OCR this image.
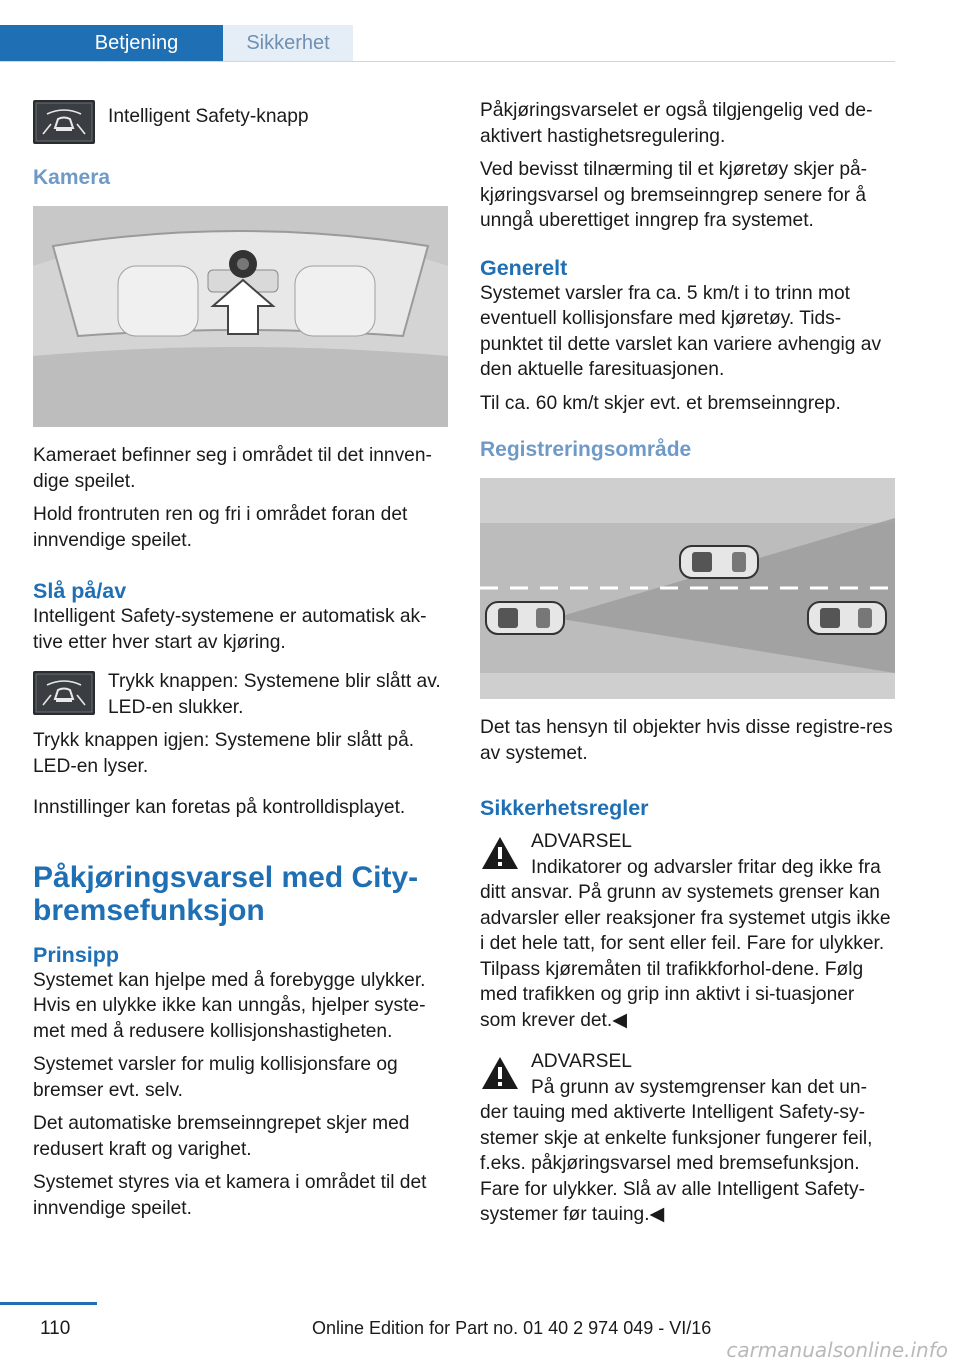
Betjening	Sikkerhet

Intelligent Safety-knapp

Kamera

Kameraet befinner seg i området til det innven-dige speilet.

Hold frontruten ren og fri i området foran det innvendige speilet.

Slå på/av

Intelligent Safety-systemene er automatisk ak-tive etter hver start av kjøring.

Trykk knappen: Systemene blir slått av. LED-en slukker.

Trykk knappen igjen: Systemene blir slått på. LED-en lyser.

Innstillinger kan foretas på kontrolldisplayet.

Påkjøringsvarsel med City-bremsefunksjon
Prinsipp

Systemet kan hjelpe med å forebygge ulykker. Hvis en ulykke ikke kan unngås, hjelper syste-met med å redusere kollisjonshastigheten.

Systemet varsler for mulig kollisjonsfare og bremser evt. selv.

Det automatiske bremseinngrepet skjer med redusert kraft og varighet.

Systemet styres via et kamera i området til det innvendige speilet.

Påkjøringsvarselet er også tilgjengelig ved de-aktivert hastighetsregulering.

Ved bevisst tilnærming til et kjøretøy skjer på-kjøringsvarsel og bremseinngrep senere for å unngå uberettiget inngrep fra systemet.

Generelt

Systemet varsler fra ca. 5 km/t i to trinn mot eventuell kollisjonsfare med kjøretøy. Tids-punktet til dette varslet kan variere avhengig av den aktuelle faresituasjonen.

Til ca. 60 km/t skjer evt. et bremseinngrep.

Registreringsområde

Det tas hensyn til objekter hvis disse registre-res av systemet.

Sikkerhetsregler

ADVARSEL

Indikatorer og advarsler fritar deg ikke fra

ditt ansvar. På grunn av systemets grenser kan advarsler eller reaksjoner fra systemet utgis ikke i det hele tatt, for sent eller feil. Fare for ulykker. Tilpass kjøremåten til trafikkforhol-dene. Følg med trafikken og grip inn aktivt i si-tuasjoner som krever det.◀

ADVARSEL

På grunn av systemgrenser kan det un-

der tauing med aktiverte Intelligent Safety-sy-stemer skje at enkelte funksjoner fungerer feil, f.eks. påkjøringsvarsel med bremsefunksjon. Fare for ulykker. Slå av alle Intelligent Safety-systemer før tauing.◀

110	Online Edition for Part no. 01 40 2 974 049 - VI/16
carmanualsonline.info
